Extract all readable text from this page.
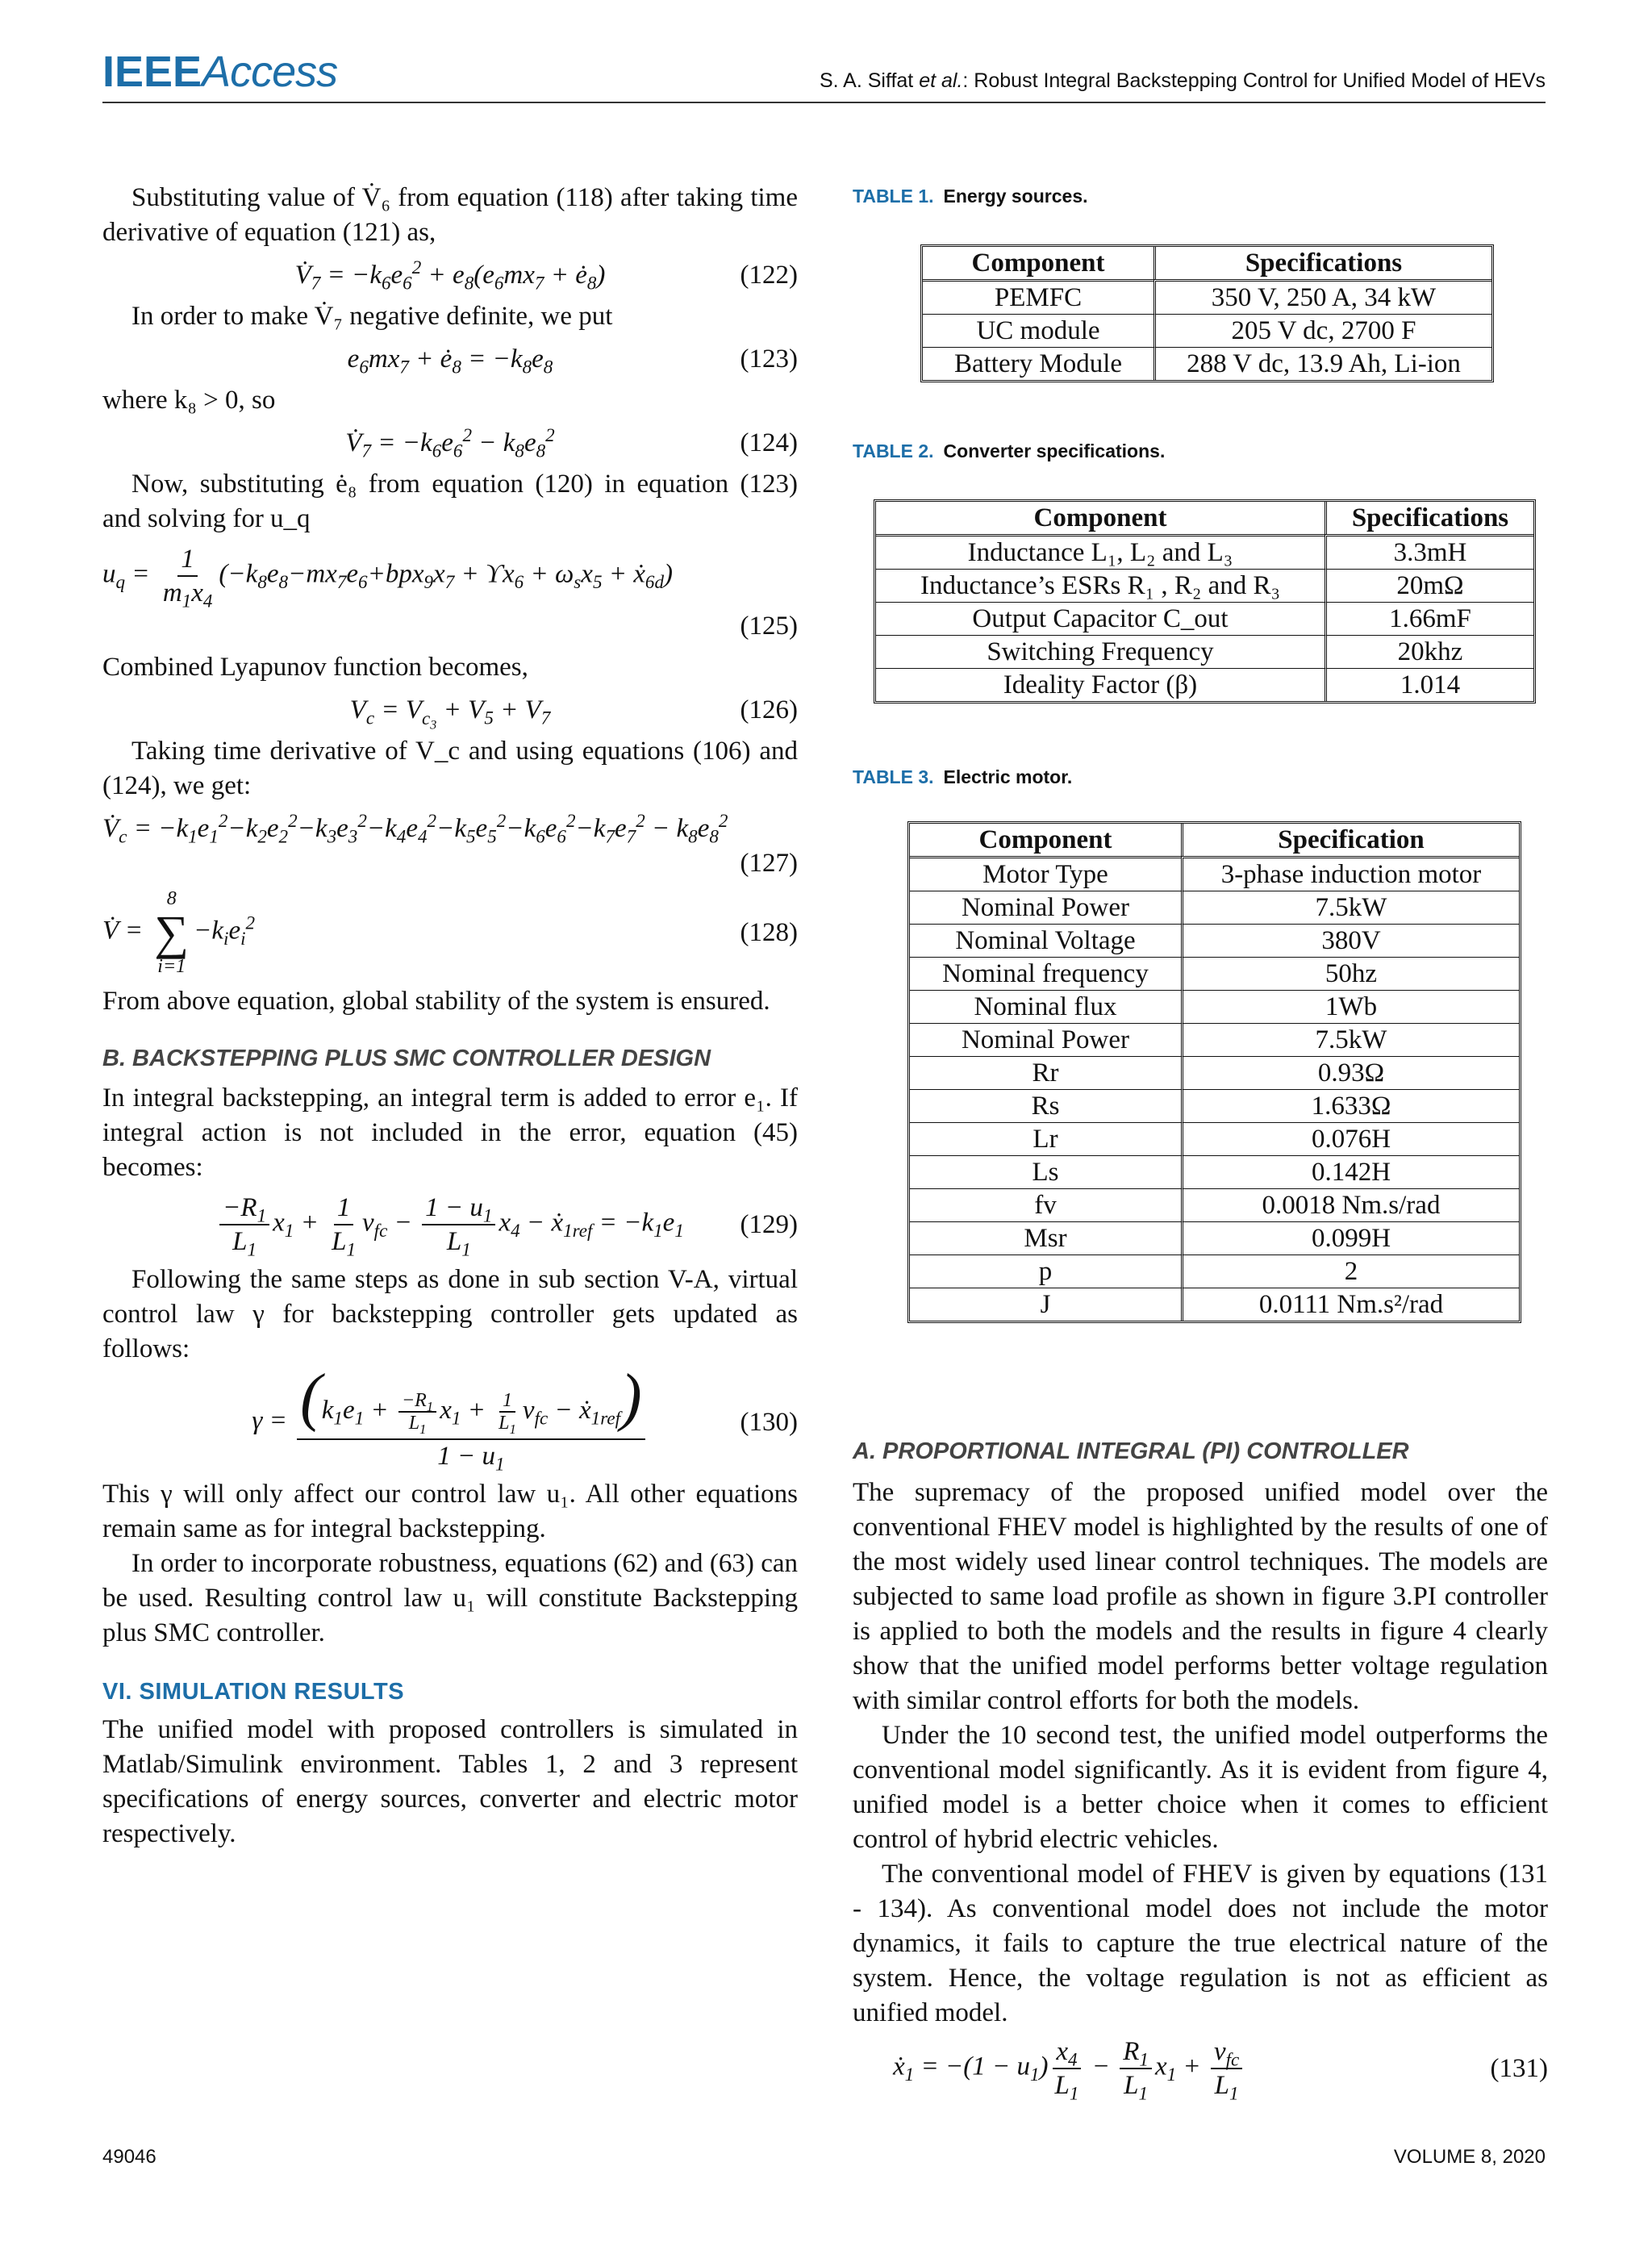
IEEEAccess	S. A. Siffat et al.: Robust Integral Backstepping Control for Unified Model of HEVs

Substituting value of V̇₆ from equation (118) after taking time derivative of equation (121) as,

$V̇_7 = -k_6e_6^2 + e_8(e_6mx_7$ + $ė_8$)	(122)

In order to make V̇₇ negative definite, we put

$e_6mx_7$ + $ė_8 = -k_8e_8$	(123)

where k₈ > 0, so

$V̇_7 = -k_6e_6^2 - k_8e_8^2$	(124)

Now, substituting ė₈ from equation (120) in equation (123) and solving for u_q

$u_q = \frac{1}{m_1x_4} (-k_8e_8-mx_7e_6+bpx_9x_7 + ϒx_6 + \omega_sx_5$ + ẋ$_{6d}$)
(125)

Combined Lyapunov function becomes,

$V_c = V_{c_3} + V_5 + V_7$	(126)

Taking time derivative of V_c and using equations (106) and (124), we get:

$V̇_c = -k_1e_1^2-k_2e_2^2-k_3e_3^2-k_4e_4^2-k_5e_5^2-k_6e_6^2-k_7e_7^2 - k_8e_8^2$
(127)
V̇ =
8
∑
i=1
$-k_ie_i^2$	(128)

From above equation, global stability of the system is ensured.

B. BACKSTEPPING PLUS SMC CONTROLLER DESIGN

In integral backstepping, an integral term is added to error e₁. If integral action is not included in the error, equation (45) becomes:

$\frac{-R_1}{L_1} x_1 + \frac{1}{L_1} v_{fc} - \frac{1 - u_1}{L_1} x_4$ − ẋ$_{1ref}$ = $-k_1e_1$ (129)

Following the same steps as done in sub section V-A, virtual control law γ for backstepping controller gets updated as follows:

$\gamma = \frac{(k_1e_1 + \frac{-R_1}{L_1} x_1 + \frac{1}{L_1} v_{fc} - ẋ_{1ref})}{1 - u_1}$	(130)

This γ will only affect our control law u₁. All other equations remain same as for integral backstepping.

In order to incorporate robustness, equations (62) and (63) can be used. Resulting control law u₁ will constitute Backstepping plus SMC controller.

VI. SIMULATION RESULTS

The unified model with proposed controllers is simulated in Matlab/Simulink environment. Tables 1, 2 and 3 represent specifications of energy sources, converter and electric motor respectively.

TABLE 1. Energy sources.
Component	Specifications
PEMFC	350 V, 250 A, 34 kW
UC module	205 V dc, 2700 F
Battery Module	288 V dc, 13.9 Ah, Li-ion
TABLE 2. Converter specifications.
Component	Specifications
Inductance L₁, L₂ and L₃	3.3mH
Inductance’s ESRs R₁ , R₂ and R₃	20mΩ
Output Capacitor C_out	1.66mF
Switching Frequency	20khz
Ideality Factor (β)	1.014
TABLE 3. Electric motor.
Component	Specification
Motor Type	3-phase induction motor
Nominal Power	7.5kW
Nominal Voltage	380V
Nominal frequency	50hz
Nominal flux	1Wb
Nominal Power	7.5kW
Rr	0.93Ω
Rs	1.633Ω
Lr	0.076H
Ls	0.142H
fv	0.0018 Nm.s/rad
Msr	0.099H
p	2
J	0.0111 Nm.s²/rad
A. PROPORTIONAL INTEGRAL (PI) CONTROLLER

The supremacy of the proposed unified model over the conventional FHEV model is highlighted by the results of one of the most widely used linear control techniques. The models are subjected to same load profile as shown in figure 3.PI controller is applied to both the models and the results in figure 4 clearly show that the unified model performs better voltage regulation with similar control efforts for both the models.

Under the 10 second test, the unified model outperforms the conventional model significantly. As it is evident from figure 4, unified model is a better choice when it comes to efficient control of hybrid electric vehicles.

The conventional model of FHEV is given by equations (131 - 134). As conventional model does not include the motor dynamics, it fails to capture the true electrical nature of the system. Hence, the voltage regulation is not as efficient as unified model.

ẋ$_1$ = $-(1 - u_1) \frac{x_4}{L_1} - \frac{R_1}{L_1} x_1 + \frac{v_{fc}}{L_1}$	(131)
49046	VOLUME 8, 2020
